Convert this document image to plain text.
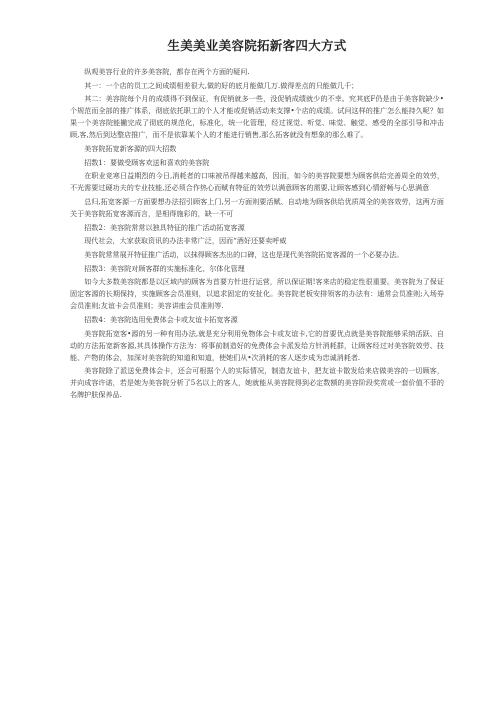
生美美业美容院拓新客四大方式

纵观美容行业的许多美容院，都存在两个方面的疑问.

其一：一个店的员工之间成绩相差很大,做的好的底月能做几万.做得差点的只能做几千；

其二：美容院每个月的成绩得不到保证，有促销就多一些，没促销成绩就少的不幸。究其底F仍是由于美容院缺少•个规范而全部的推广体系，彻底依托职工的个人才能或促销活动来支撑•个店的成绩。试问这样的推广怎么能持久呢？如果一个美容院能撇完成了彻底的规范化，标准化，统一化管理，经过视觉、听觉、味觉、触觉、感受的全部引导和冲击顾,客,然后到达整店推广，而不是依靠某个人的才能进行销售,那么拓客就没有想象的那么难了。

美容院拓宽新客源的四大招数

招数1：要做受顾客欢送和喜欢的美容院

在职业竞寒日益期烈的今日,消耗者的口味被吊得越来越高，因而，如今的美容院要想为顾客供给完善周全的效劳，不光需要过硬功夫的专业技能,还必须合作热心而赋有特征的效劳以满意顾客的需要,让顾客感到心情舒畅与心思满意

总归,拓宽客源一方面要想办法招引顾客上门,另一方面则要活赋、自动地为顾客供给优质周全的美容效劳，这两方面关于美容院拓宽客源而言，是相得施彩的，缺一不可

招数2：美容院常常以独具特征的推广活动拓宽客源

现代社会，大家获取资讯的办法非常广泛，因而“酒好还要卖呼威

美容院常常展开特征推广活动，以抹得顾客杰出的口碑，这也是现代美容院拓宽客源的一个必要办法。

招数3：美容院对顾客群的实施标准化、尔体化管理

如今大多数美容院都是以区域内的顾客为首要方针进行运营，所以保证期!客来店的稳定性很重要。美容院为了保证固定客源的长期保持，实施顾客会员准则，以追求固定的安扯化。美容院老板安排领客的办法有：通常会员准则;入场券会员准则;友谊卡会员准则；美容讲座会员准则等.

招数4：美容院选用免费体会卡或友谊卡拓宽客源

美容院拓宽客•源的另一种有用办法,就是充分利用免物体会卡或友谊卡,它的首要优点就是美容院能够采纳活跃、自动的方法拓宽新客源,其具体操作方法为：将事前制造好的免费体会卡派发给方针消耗群，让顾客经过对美容院效劳、技能、产物的体会，加深对美容院的知道和知道，使她们从•次消耗的客人逐步成为忠诚消耗者.

美容院除了派送免费体会卡，还会可根据个人的实际情况，制造友谊卡，把友谊卡散发给来店做美容的一切顾客，并向成容许诺，若是她为美容院分析了5名以上的客人，她就能从美容院得到必定数额的美容阶段奖赏或一套价值不菲的名牌护肤保养品.
